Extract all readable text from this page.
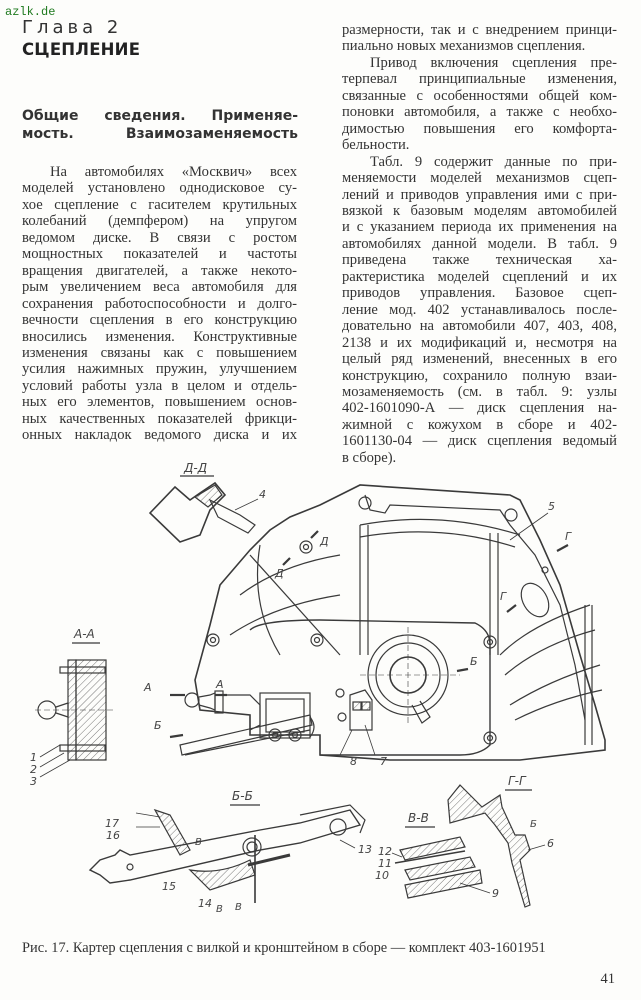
azlk.de
Глава 2
СЦЕПЛЕНИЕ
Общие сведения. Применяе-
мость. Взаимозаменяемость
На автомобилях «Москвич» всех
моделей установлено однодисковое су-
хое сцепление с гасителем крутильных
колебаний (демпфером) на упругом
ведомом диске. В связи с ростом
мощностных показателей и частоты
вращения двигателей, а также некото-
рым увеличением веса автомобиля для
сохранения работоспособности и долго-
вечности сцепления в его конструкцию
вносились изменения. Конструктивные
изменения связаны как с повышением
усилия нажимных пружин, улучшением
условий работы узла в целом и отдель-
ных его элементов, повышением основ-
ных качественных показателей фрикци-
онных накладок ведомого диска и их
размерности, так и с внедрением принци-
пиально новых механизмов сцепления.
Привод включения сцепления пре-
терпевал принципиальные изменения,
связанные с особенностями общей ком-
поновки автомобиля, а также с необхо-
димостью повышения его комфорта-
бельности.
Табл. 9 содержит данные по при-
меняемости моделей механизмов сцеп-
лений и приводов управления ими с при-
вязкой к базовым моделям автомобилей
и с указанием периода их применения на
автомобилях данной модели. В табл. 9
приведена также техническая ха-
рактеристика моделей сцеплений и их
приводов управления. Базовое сцеп-
ление мод. 402 устанавливалось после-
довательно на автомобили 407, 403, 408,
2138 и их модификаций и, несмотря на
целый ряд изменений, внесенных в его
конструкцию, сохранило полную взаи-
мозаменяемость (см. в табл. 9: узлы
402-1601090-А — диск сцепления на-
жимной с кожухом в сборе и 402-
1601130-04 — диск сцепления ведомый
в сборе).
Д-Д
4
Д
Д
Г
Г
А	А
Б
Б
5
8 7
А-А
1
2
3
Б-Б
В
В
17
16
13
15
14 В
В-В
12
11
10
9
Г-Г
6
Б
Рис. 17. Картер сцепления с вилкой и кронштейном в сборе — комплект 403-1601951
41
